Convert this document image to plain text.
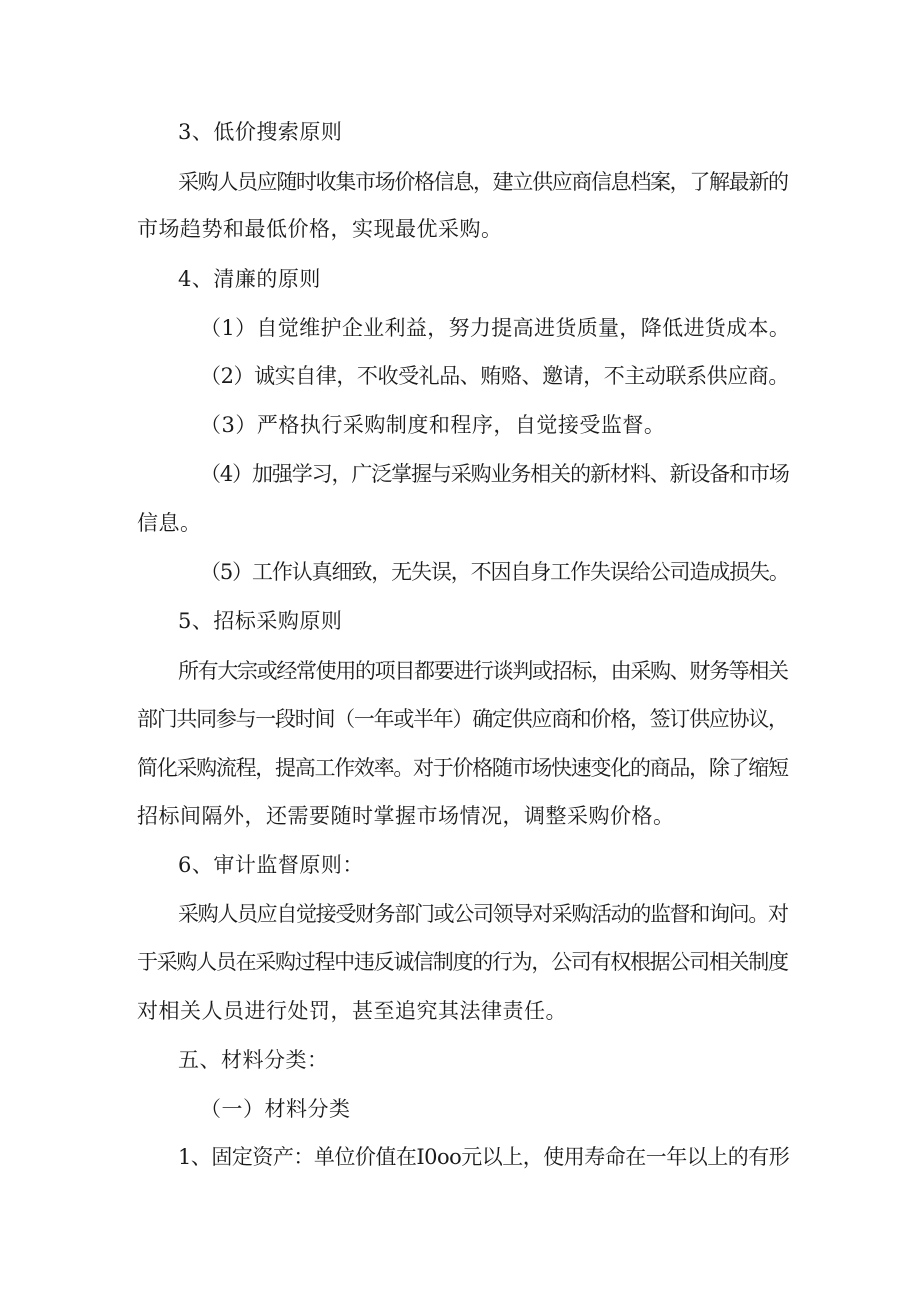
3、低价搜索原则
采购人员应随时收集市场价格信息，建立供应商信息档案，了解最新的
市场趋势和最低价格，实现最优采购。
4、清廉的原则
（1）自觉维护企业利益，努力提高进货质量，降低进货成本。
（2）诚实自律，不收受礼品、贿赂、邀请，不主动联系供应商。
（3）严格执行采购制度和程序，自觉接受监督。
（4）加强学习，广泛掌握与采购业务相关的新材料、新设备和市场
信息。
（5）工作认真细致，无失误，不因自身工作失误给公司造成损失。
5、招标采购原则
所有大宗或经常使用的项目都要进行谈判或招标，由采购、财务等相关
部门共同参与一段时间（一年或半年）确定供应商和价格，签订供应协议，
简化采购流程，提高工作效率。对于价格随市场快速变化的商品，除了缩短
招标间隔外，还需要随时掌握市场情况，调整采购价格。
6、审计监督原则：
采购人员应自觉接受财务部门或公司领导对采购活动的监督和询问。对
于采购人员在采购过程中违反诚信制度的行为，公司有权根据公司相关制度
对相关人员进行处罚，甚至追究其法律责任。
五、材料分类：
（一）材料分类
1、固定资产：单位价值在I0oo元以上，使用寿命在一年以上的有形
